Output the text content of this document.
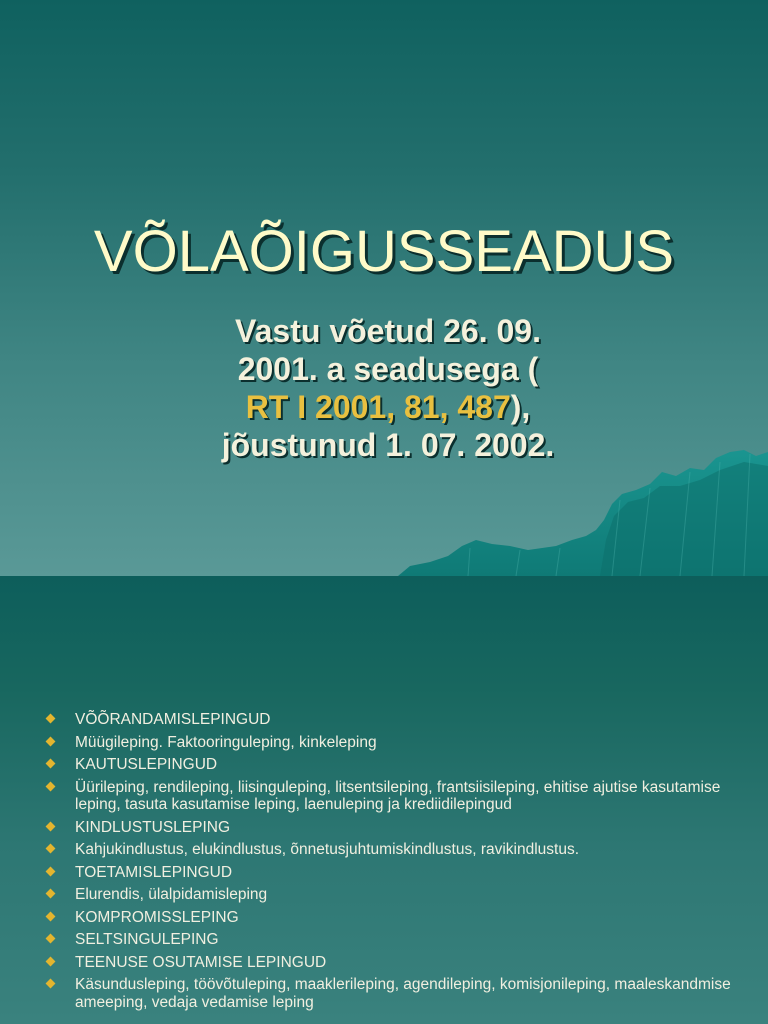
VÕLAÕIGUSSEADUS
Vastu võetud 26. 09.
2001. a seadusega (
RT I 2001, 81, 487),
jõustunud 1. 07. 2002.
VÕÕRANDAMISLEPINGUD
Müügileping. Faktooringuleping, kinkeleping
KAUTUSLEPINGUD
Üürileping, rendileping, liisinguleping, litsentsileping, frantsiisileping, ehitise ajutise kasutamise leping, tasuta kasutamise leping, laenuleping ja krediidilepingud
KINDLUSTUSLEPING
Kahjukindlustus, elukindlustus, õnnetusjuhtumiskindlustus, ravikindlustus.
TOETAMISLEPINGUD
Elurendis, ülalpidamisleping
KOMPROMISSLEPING
SELTSINGULEPING
TEENUSE OSUTAMISE LEPINGUD
Käsundusleping, töövõtuleping, maaklerileping, agendileping, komisjonileping, maaleskandmise ameeping, vedaja vedamise leping
